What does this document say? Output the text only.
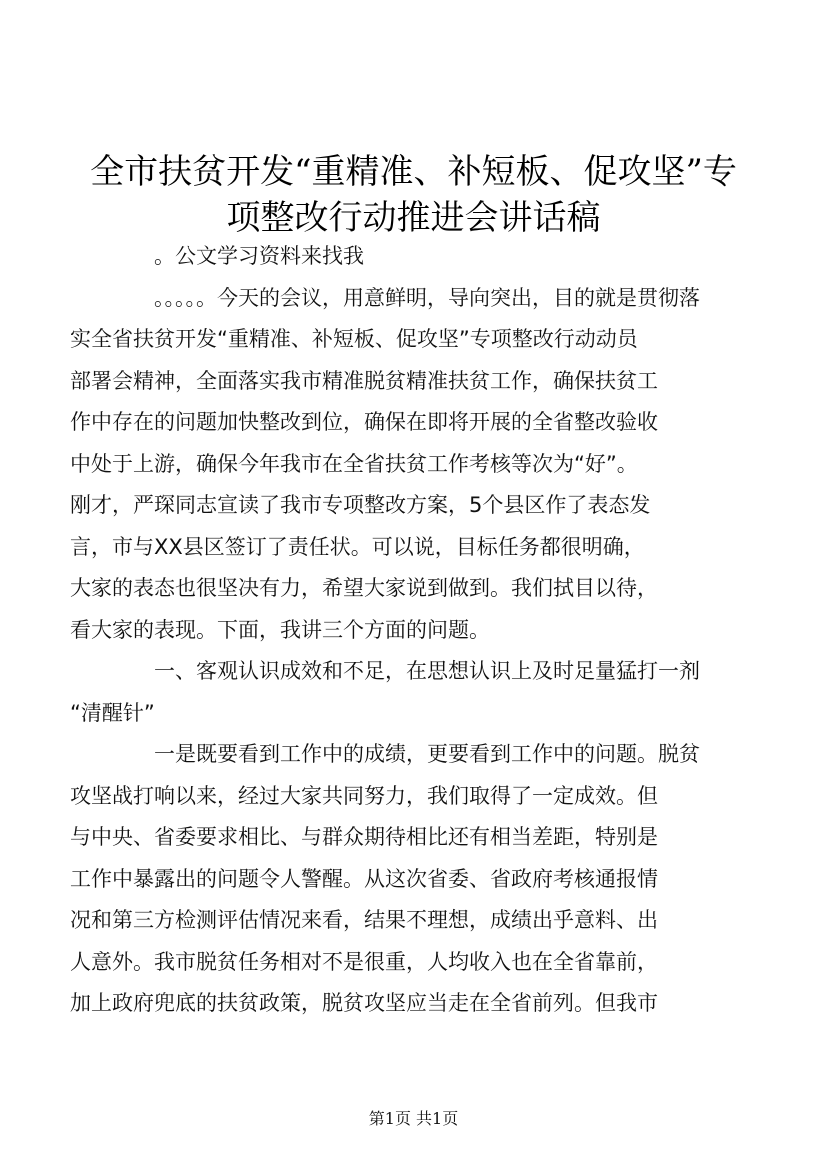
全市扶贫开发“重精准、补短板、促攻坚”专
项整改行动推进会讲话稿
。公文学习资料来找我
。。。。。今天的会议，用意鲜明，导向突出，目的就是贯彻落
实全省扶贫开发“重精准、补短板、促攻坚”专项整改行动动员
部署会精神，全面落实我市精准脱贫精准扶贫工作，确保扶贫工
作中存在的问题加快整改到位，确保在即将开展的全省整改验收
中处于上游，确保今年我市在全省扶贫工作考核等次为“好”。
刚才，严琛同志宣读了我市专项整改方案，5个县区作了表态发
言，市与XX县区签订了责任状。可以说，目标任务都很明确，
大家的表态也很坚决有力，希望大家说到做到。我们拭目以待，
看大家的表现。下面，我讲三个方面的问题。
一、客观认识成效和不足，在思想认识上及时足量猛打一剂
“清醒针”
一是既要看到工作中的成绩，更要看到工作中的问题。脱贫
攻坚战打响以来，经过大家共同努力，我们取得了一定成效。但
与中央、省委要求相比、与群众期待相比还有相当差距，特别是
工作中暴露出的问题令人警醒。从这次省委、省政府考核通报情
况和第三方检测评估情况来看，结果不理想，成绩出乎意料、出
人意外。我市脱贫任务相对不是很重，人均收入也在全省靠前，
加上政府兜底的扶贫政策，脱贫攻坚应当走在全省前列。但我市
第1页 共1页
